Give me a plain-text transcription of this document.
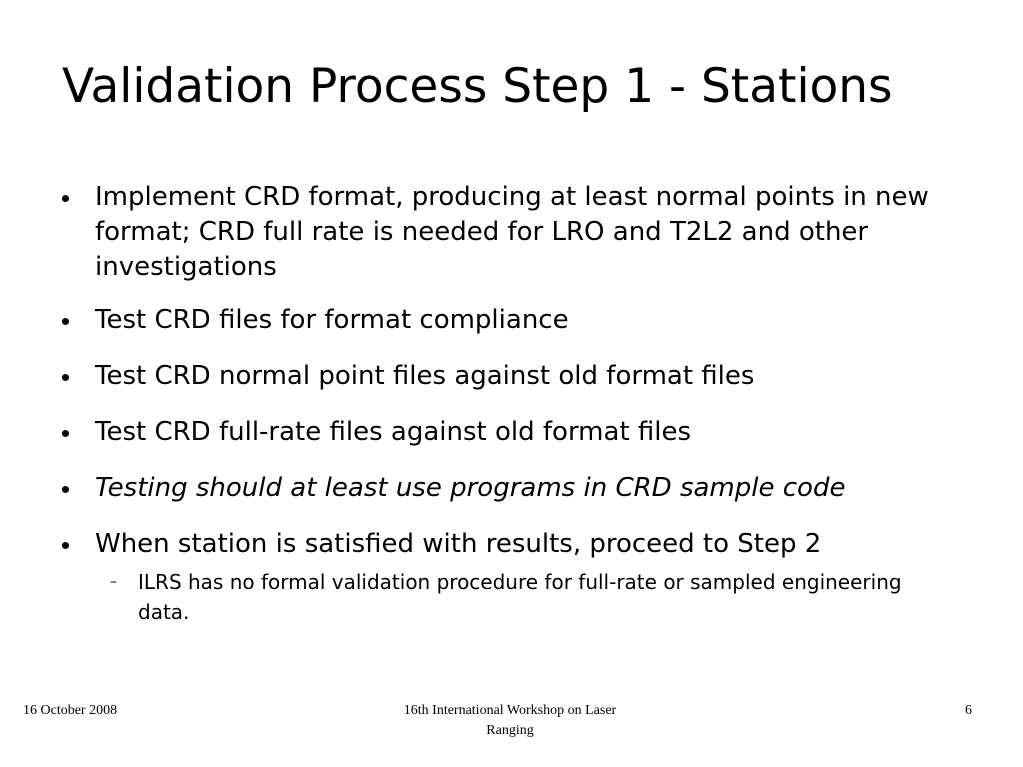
Validation Process Step 1 - Stations
Implement CRD format, producing at least normal points in new format; CRD full rate is needed for LRO and T2L2 and other investigations
Test CRD files for format compliance
Test CRD normal point files against old format files
Test CRD full-rate files against old format files
Testing should at least use programs in CRD sample code
When station is satisfied with results, proceed to Step 2
– ILRS has no formal validation procedure for full-rate or sampled engineering data.
16 October 2008	16th International Workshop on Laser
Ranging
6
